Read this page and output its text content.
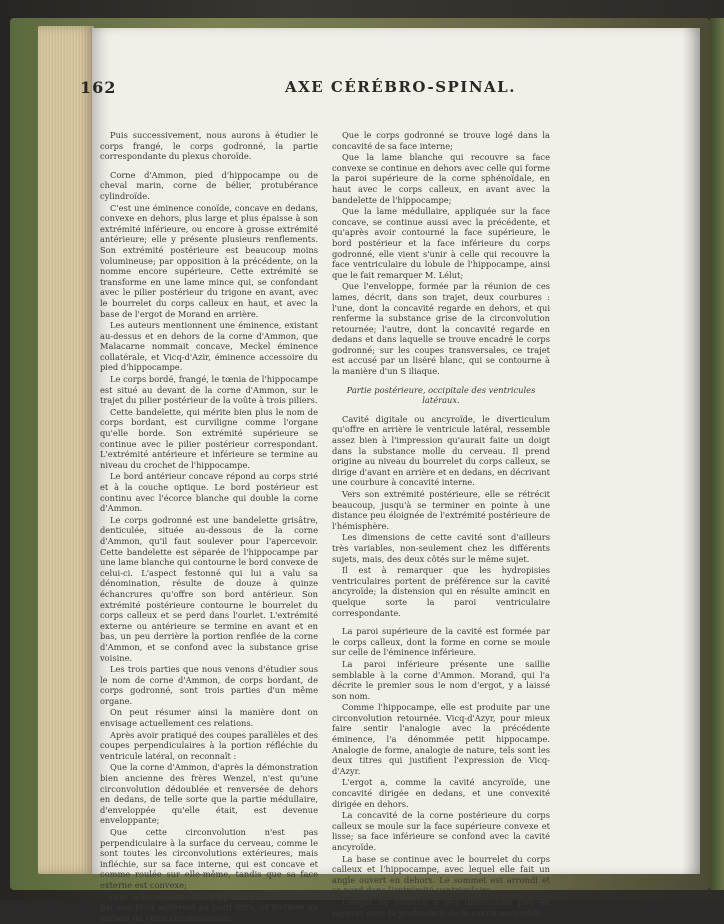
162	AXE CÉRÉBRO-SPINAL.

Puis successivement, nous aurons à étudier le corps frangé, le corps godronné, la partie correspondante du plexus choroïde.

Corne d'Ammon, pied d'hippocampe ou de cheval marin, corne de bélier, protubérance cylindroïde.

C'est une éminence conoïde, concave en dedans, convexe en dehors, plus large et plus épaisse à son extrémité inférieure, ou encore à grosse extrémité antérieure; elle y présente plusieurs renflements. Son extrémité postérieure est beaucoup moins volumineuse; par opposition à la précédente, on la nomme encore supérieure. Cette extrémité se transforme en une lame mince qui, se confondant avec le pilier postérieur du trigone en avant, avec le bourrelet du corps calleux en haut, et avec la base de l'ergot de Morand en arrière.

Les auteurs mentionnent une éminence, existant au-dessus et en dehors de la corne d'Ammon, que Malacarne nommait concave, Meckel éminence collatérale, et Vicq-d'Azir, éminence accessoire du pied d'hippocampe.

Le corps bordé, frangé, le tœnia de l'hippocampe est situé au devant de la corne d'Ammon, sur le trajet du pilier postérieur de la voûte à trois piliers.

Cette bandelette, qui mérite bien plus le nom de corps bordant, est curviligne comme l'organe qu'elle borde. Son extrémité supérieure se continue avec le pilier postérieur correspondant. L'extrémité antérieure et inférieure se termine au niveau du crochet de l'hippocampe.

Le bord antérieur concave répond au corps strié et à la couche optique. Le bord postérieur est continu avec l'écorce blanche qui double la corne d'Ammon.

Le corps godronné est une bandelette grisâtre, denticulée, située au-dessous de la corne d'Ammon, qu'il faut soulever pour l'apercevoir. Cette bandelette est séparée de l'hippocampe par une lame blanche qui contourne le bord convexe de celui-ci. L'aspect festonné qui lui a valu sa dénomination, résulte de douze à quinze échancrures qu'offre son bord antérieur. Son extrémité postérieure contourne le bourrelet du corps calleux et se perd dans l'ourlet. L'extrémité externe ou antérieure se termine en avant et en bas, un peu derrière la portion renflée de la corne d'Ammon, et se confond avec la substance grise voisine.

Les trois parties que nous venons d'étudier sous le nom de corne d'Ammon, de corps bordant, de corps godronné, sont trois parties d'un même organe.

On peut résumer ainsi la manière dont on envisage actuellement ces relations.

Après avoir pratiqué des coupes parallèles et des coupes perpendiculaires à la portion réfléchie du ventricule latéral, on reconnaît :

Que la corne d'Ammon, d'après la démonstration bien ancienne des frères Wenzel, n'est qu'une circonvolution dédoublée et renversée de dehors en dedans, de telle sorte que la partie médullaire, d'enveloppée qu'elle était, est devenue enveloppante;

Que cette circonvolution n'est pas perpendiculaire à la surface du cerveau, comme le sont toutes les circonvolutions extérieures, mais infléchie, sur sa face interne, qui est concave et comme roulée sur elle-même, tandis que sa face externe est convexe;

Que la bandelette de l'hippocampe est attachée par son bord adhérent au bord libre, et inclinée en dedans de cette circonvolution;

Que le corps godronné se trouve logé dans la concavité de sa face interne;

Que la lame blanche qui recouvre sa face convexe se continue en dehors avec celle qui forme la paroi supérieure de la corne sphénoïdale, en haut avec le corps calleux, en avant avec la bandelette de l'hippocampe;

Que la lame médullaire, appliquée sur la face concave, se continue aussi avec la précédente, et qu'après avoir contourné la face supérieure, le bord postérieur et la face inférieure du corps godronné, elle vient s'unir à celle qui recouvre la face ventriculaire du lobule de l'hippocampe, ainsi que le fait remarquer M. Lélut;

Que l'enveloppe, formée par la réunion de ces lames, décrit, dans son trajet, deux courbures : l'une, dont la concavité regarde en dehors, et qui renferme la substance grise de la circonvolution retournée; l'autre, dont la concavité regarde en dedans et dans laquelle se trouve encadré le corps godronné; sur les coupes transversales, ce trajet est accusé par un liséré blanc, qui se contourne à la manière d'un S iliaque.

Partie postérieure, occipitale des ventricules latéraux.

Cavité digitale ou ancyroïde, le diverticulum qu'offre en arrière le ventricule latéral, ressemble assez bien à l'impression qu'aurait faite un doigt dans la substance molle du cerveau. Il prend origine au niveau du bourrelet du corps calleux, se dirige d'avant en arrière et en dedans, en décrivant une courbure à concavité interne.

Vers son extrémité postérieure, elle se rétrécit beaucoup, jusqu'à se terminer en pointe à une distance peu éloignée de l'extrémité postérieure de l'hémisphère.

Les dimensions de cette cavité sont d'ailleurs très variables, non-seulement chez les différents sujets, mais, des deux côtés sur le même sujet.

Il est à remarquer que les hydropisies ventriculaires portent de préférence sur la cavité ancyroïde; la distension qui en résulte amincit en quelque sorte la paroi ventriculaire correspondante.

La paroi supérieure de la cavité est formée par le corps calleux, dont la forme en corne se moule sur celle de l'éminence inférieure.

La paroi inférieure présente une saillie semblable à la corne d'Ammon. Morand, qui l'a décrite le premier sous le nom d'ergot, y a laissé son nom.

Comme l'hippocampe, elle est produite par une circonvolution retournée. Vicq-d'Azyr, pour mieux faire sentir l'analogie avec la précédente éminence, l'a dénommée petit hippocampe. Analogie de forme, analogie de nature, tels sont les deux titres qui justifient l'expression de Vicq-d'Azyr.

L'ergot a, comme la cavité ancyroïde, une concavité dirigée en dedans, et une convexité dirigée en dehors.

La concavité de la corne postérieure du corps calleux se moule sur la face supérieure convexe et lisse; sa face inférieure se confond avec la cavité ancyroïde.

La base se continue avec le bourrelet du corps calleux et l'hippocampe, avec lequel elle fait un angle ouvert en dehors. Le sommet est arrondi et se perd dans l'extrémité ventriculaire.

L'ergot de Morand a des dimensions peu en rapport avec la profondeur de la cavité ancyroïde.
